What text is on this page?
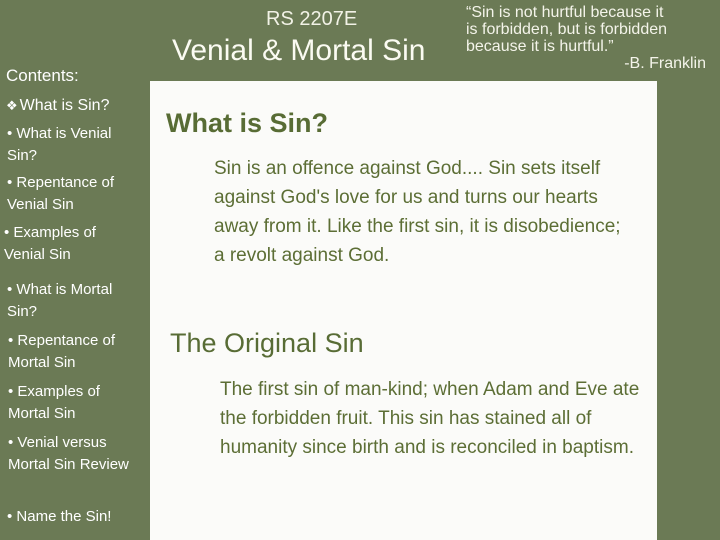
RS 2207E
Venial & Mortal Sin
“Sin is not hurtful because it
is forbidden, but is forbidden
because it is hurtful.”
-B. Franklin
Contents:
❖ What is Sin?
• What is Venial Sin?
• Repentance of Venial Sin
• Examples of Venial Sin
• What is Mortal Sin?
• Repentance of Mortal Sin
• Examples of Mortal Sin
• Venial versus Mortal Sin Review
• Name the Sin!
What is Sin?
Sin is an offence against God.... Sin sets itself against God's love for us and turns our hearts away from it. Like the first sin, it is disobedience; a revolt against God.
The Original Sin
The first sin of man-kind; when Adam and Eve ate the forbidden fruit. This sin has stained all of humanity since birth and is reconciled in baptism.
